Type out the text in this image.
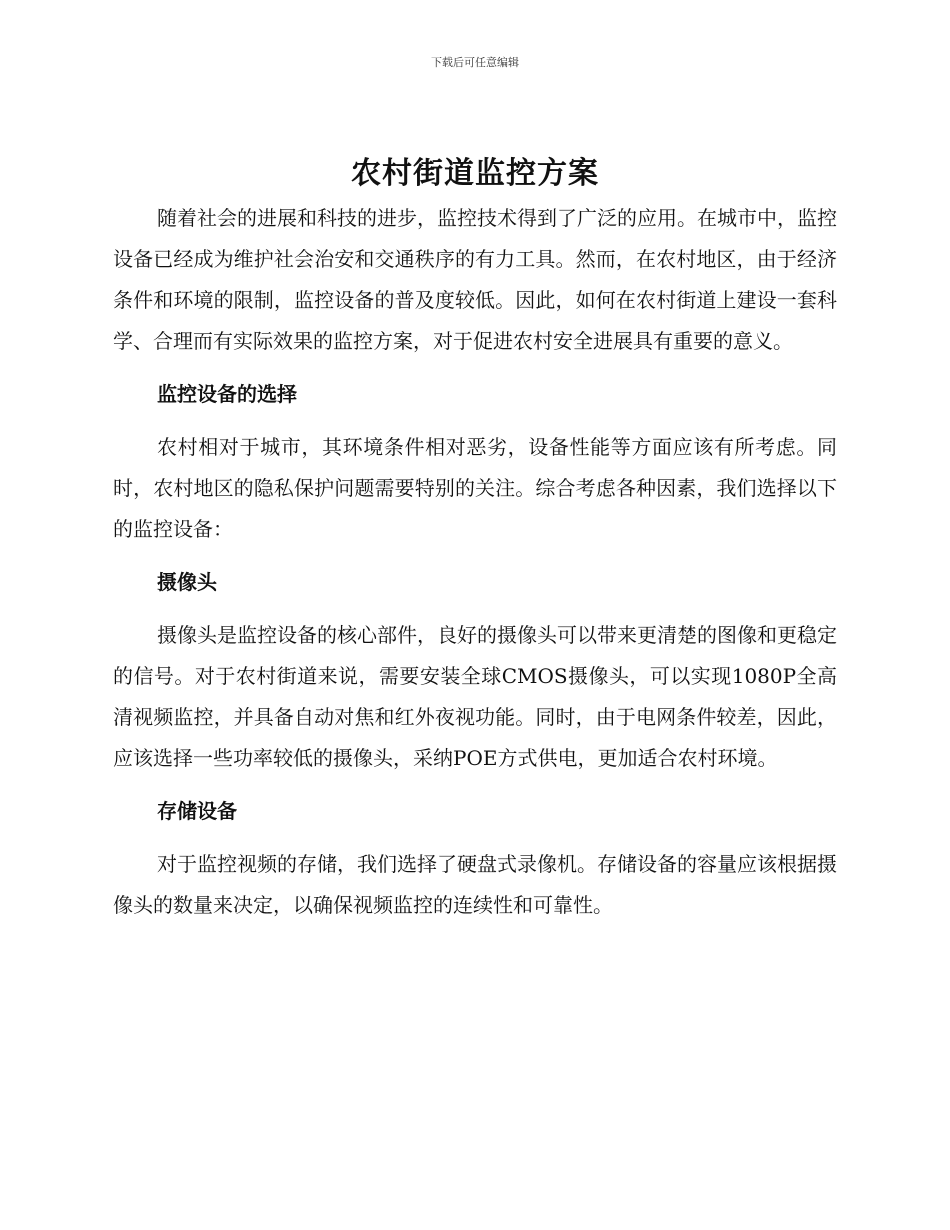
下载后可任意编辑
农村街道监控方案

随着社会的进展和科技的进步，监控技术得到了广泛的应用。在城市中，监控设备已经成为维护社会治安和交通秩序的有力工具。然而，在农村地区，由于经济条件和环境的限制，监控设备的普及度较低。因此，如何在农村街道上建设一套科学、合理而有实际效果的监控方案，对于促进农村安全进展具有重要的意义。

监控设备的选择

农村相对于城市，其环境条件相对恶劣，设备性能等方面应该有所考虑。同时，农村地区的隐私保护问题需要特别的关注。综合考虑各种因素，我们选择以下的监控设备：

摄像头

摄像头是监控设备的核心部件，良好的摄像头可以带来更清楚的图像和更稳定的信号。对于农村街道来说，需要安装全球CMOS摄像头，可以实现1080P全高清视频监控，并具备自动对焦和红外夜视功能。同时，由于电网条件较差，因此，应该选择一些功率较低的摄像头，采纳POE方式供电，更加适合农村环境。

存储设备

对于监控视频的存储，我们选择了硬盘式录像机。存储设备的容量应该根据摄像头的数量来决定，以确保视频监控的连续性和可靠性。
